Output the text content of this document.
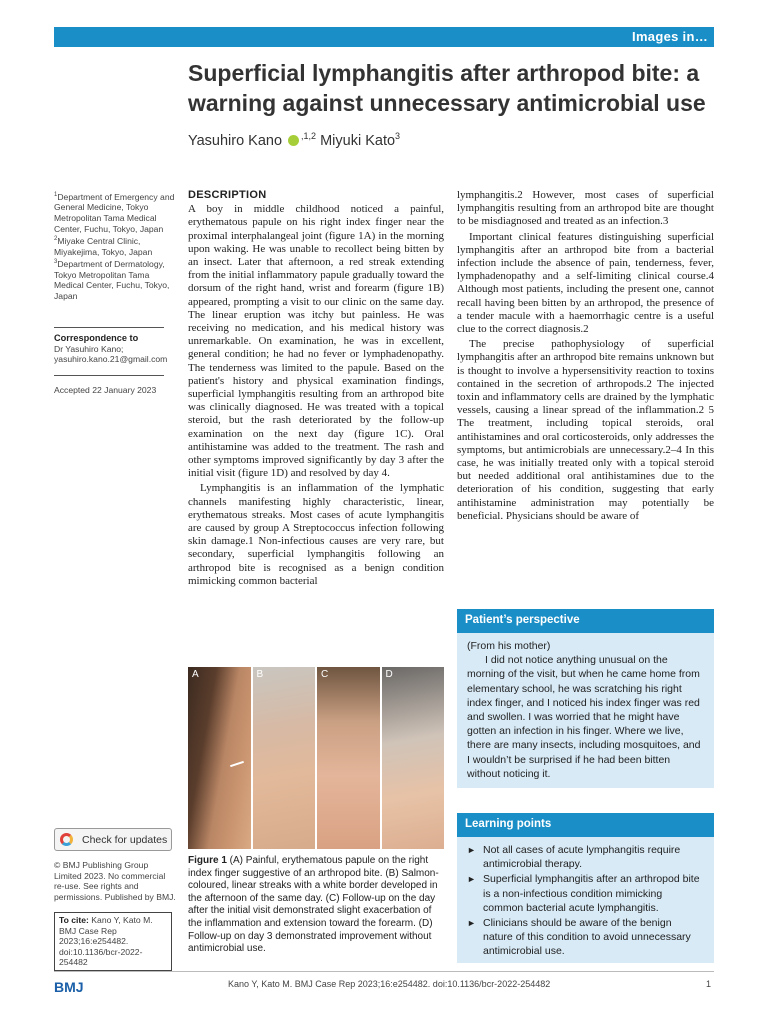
Images in…
Superficial lymphangitis after arthropod bite: a warning against unnecessary antimicrobial use
Yasuhiro Kano $^{,1,2}$ Miyuki Kato$^3$
$^1$Department of Emergency and General Medicine, Tokyo Metropolitan Tama Medical Center, Fuchu, Tokyo, Japan
$^2$Miyake Central Clinic, Miyakejima, Tokyo, Japan
$^3$Department of Dermatology, Tokyo Metropolitan Tama Medical Center, Fuchu, Tokyo, Japan
Correspondence to
Dr Yasuhiro Kano;
yasuhiro.kano.21@gmail.com
Accepted 22 January 2023
DESCRIPTION

A boy in middle childhood noticed a painful, erythematous papule on his right index finger near the proximal interphalangeal joint (figure 1A) in the morning upon waking. He was unable to recollect being bitten by an insect. Later that afternoon, a red streak extending from the initial inflammatory papule gradually toward the dorsum of the right hand, wrist and forearm (figure 1B) appeared, prompting a visit to our clinic on the same day. The linear eruption was itchy but painless. He was receiving no medication, and his medical history was unremarkable. On examination, he was in excellent, general condition; he had no fever or lymphadenopathy. The tenderness was limited to the papule. Based on the patient's history and physical examination findings, superficial lymphangitis resulting from an arthropod bite was clinically diagnosed. He was treated with a topical steroid, but the rash deteriorated by the follow-up examination on the next day (figure 1C). Oral antihistamine was added to the treatment. The rash and other symptoms improved significantly by day 3 after the initial visit (figure 1D) and resolved by day 4.

Lymphangitis is an inflammation of the lymphatic channels manifesting highly characteristic, linear, erythematous streaks. Most cases of acute lymphangitis are caused by group A Streptococcus infection following skin damage.1 Non-infectious causes are very rare, but secondary, superficial lymphangitis following an arthropod bite is recognised as a benign condition mimicking common bacterial

lymphangitis.2 However, most cases of superficial lymphangitis resulting from an arthropod bite are thought to be misdiagnosed and treated as an infection.3

Important clinical features distinguishing superficial lymphangitis after an arthropod bite from a bacterial infection include the absence of pain, tenderness, fever, lymphadenopathy and a self-limiting clinical course.4 Although most patients, including the present one, cannot recall having been bitten by an arthropod, the presence of a tender macule with a haemorrhagic centre is a useful clue to the correct diagnosis.2

The precise pathophysiology of superficial lymphangitis after an arthropod bite remains unknown but is thought to involve a hypersensitivity reaction to toxins contained in the secretion of arthropods.2 The injected toxin and inflammatory cells are drained by the lymphatic vessels, causing a linear spread of the inflammation.2 5 The treatment, including topical steroids, oral antihistamines and oral corticosteroids, only addresses the symptoms, but antimicrobials are unnecessary.2–4 In this case, he was initially treated only with a topical steroid but needed additional oral antihistamines due to the deterioration of his condition, suggesting that early antihistamine administration may potentially be beneficial. Physicians should be aware of

A	B	C	D
Figure 1 (A) Painful, erythematous papule on the right index finger suggestive of an arthropod bite. (B) Salmon-coloured, linear streaks with a white border developed in the afternoon of the same day. (C) Follow-up on the day after the initial visit demonstrated slight exacerbation of the inflammation and extension toward the forearm. (D) Follow-up on day 3 demonstrated improvement without antimicrobial use.
Patient’s perspective
(From his mother)
I did not notice anything unusual on the morning of the visit, but when he came home from elementary school, he was scratching his right index finger, and I noticed his index finger was red and swollen. I was worried that he might have gotten an infection in his finger. Where we live, there are many insects, including mosquitoes, and I wouldn’t be surprised if he had been bitten without noticing it.
Learning points
► Not all cases of acute lymphangitis require antimicrobial therapy.
► Superficial lymphangitis after an arthropod bite is a non-infectious condition mimicking common bacterial acute lymphangitis.
► Clinicians should be aware of the benign nature of this condition to avoid unnecessary antimicrobial use.
Check for updates
© BMJ Publishing Group Limited 2023. No commercial re-use. See rights and permissions. Published by BMJ.
To cite: Kano Y, Kato M. BMJ Case Rep 2023;16:e254482. doi:10.1136/bcr-2022-254482
BMJ	Kano Y, Kato M. BMJ Case Rep 2023;16:e254482. doi:10.1136/bcr-2022-254482	1
